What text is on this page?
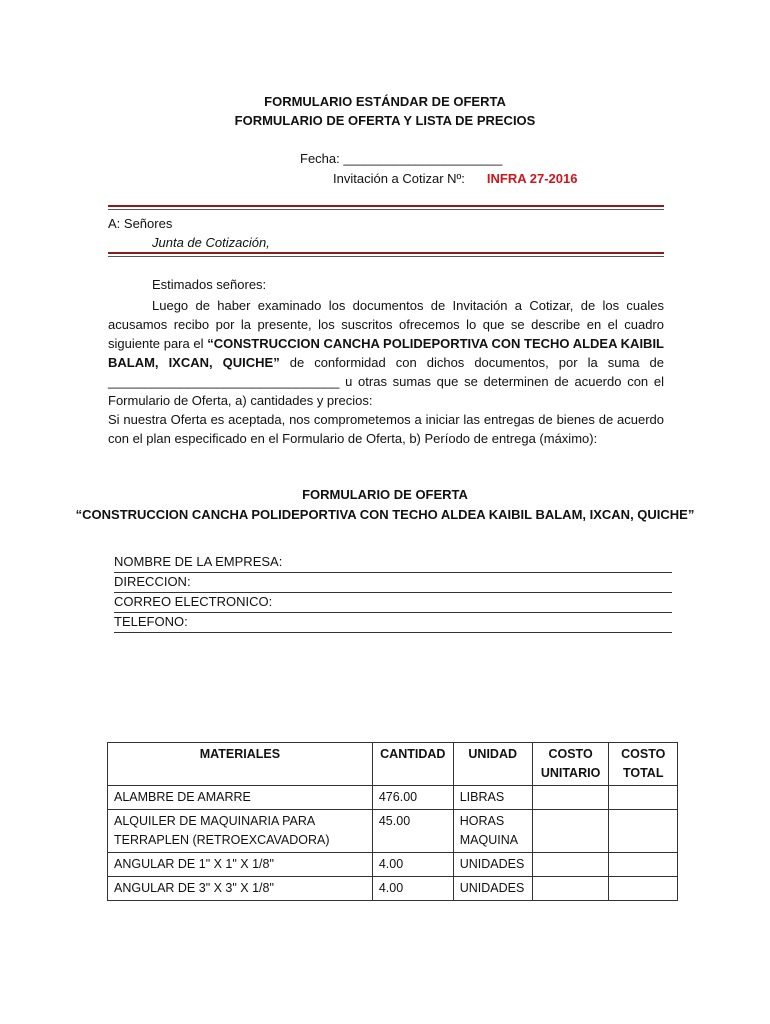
FORMULARIO ESTÁNDAR DE OFERTA
FORMULARIO DE OFERTA Y LISTA DE PRECIOS
Fecha: ______________________
Invitación a Cotizar Nº: INFRA 27-2016
A: Señores
Junta de Cotización,
Estimados señores:
Luego de haber examinado los documentos de Invitación a Cotizar, de los cuales acusamos recibo por la presente, los suscritos ofrecemos lo que se describe en el cuadro siguiente para el “CONSTRUCCION CANCHA POLIDEPORTIVA CON TECHO ALDEA KAIBIL BALAM, IXCAN, QUICHE” de conformidad con dichos documentos, por la suma de ________________________________ u otras sumas que se determinen de acuerdo con el Formulario de Oferta, a) cantidades y precios:
Si nuestra Oferta es aceptada, nos comprometemos a iniciar las entregas de bienes de acuerdo con el plan especificado en el Formulario de Oferta, b) Período de entrega (máximo):
FORMULARIO DE OFERTA
“CONSTRUCCION CANCHA POLIDEPORTIVA CON TECHO ALDEA KAIBIL BALAM, IXCAN, QUICHE”
NOMBRE DE LA EMPRESA:
DIRECCION:
CORREO ELECTRONICO:
TELEFONO:
MATERIALES	CANTIDAD	UNIDAD	COSTO UNITARIO	COSTO TOTAL
ALAMBRE DE AMARRE	476.00	LIBRAS		
ALQUILER DE MAQUINARIA PARA TERRAPLEN (RETROEXCAVADORA)	45.00	HORAS MAQUINA		
ANGULAR DE 1" X 1" X 1/8"	4.00	UNIDADES		
ANGULAR DE 3" X 3" X 1/8"	4.00	UNIDADES		
